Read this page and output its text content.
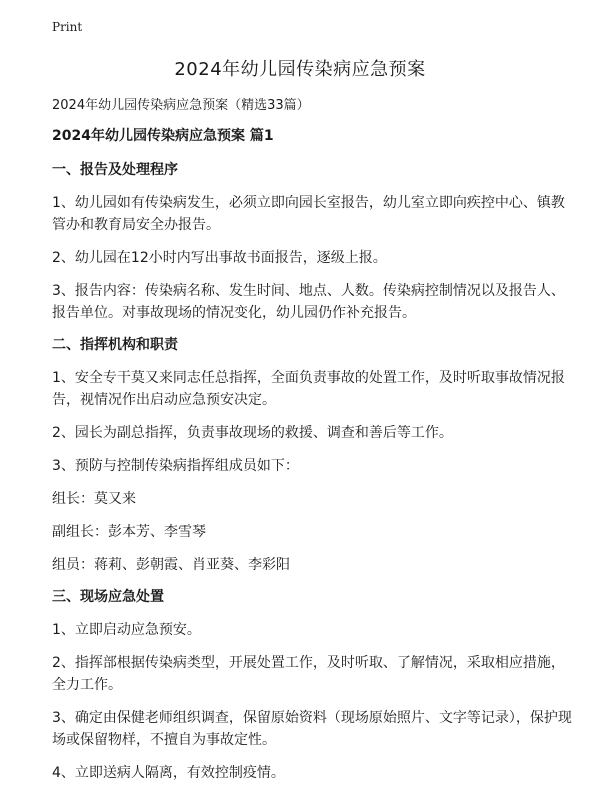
Print
2024年幼儿园传染病应急预案

2024年幼儿园传染病应急预案（精选33篇）

2024年幼儿园传染病应急预案 篇1

一、报告及处理程序

1、幼儿园如有传染病发生，必须立即向园长室报告，幼儿室立即向疾控中心、镇教管办和教育局安全办报告。

2、幼儿园在12小时内写出事故书面报告，逐级上报。

3、报告内容：传染病名称、发生时间、地点、人数。传染病控制情况以及报告人、报告单位。对事故现场的情况变化，幼儿园仍作补充报告。

二、指挥机构和职责

1、安全专干莫又来同志任总指挥，全面负责事故的处置工作，及时听取事故情况报告，视情况作出启动应急预安决定。

2、园长为副总指挥，负责事故现场的救援、调查和善后等工作。

3、预防与控制传染病指挥组成员如下：

组长：莫又来

副组长：彭本芳、李雪琴

组员：蒋莉、彭朝霞、肖亚葵、李彩阳

三、现场应急处置

1、立即启动应急预安。

2、指挥部根据传染病类型，开展处置工作，及时听取、了解情况，采取相应措施，全力工作。

3、确定由保健老师组织调查，保留原始资料（现场原始照片、文字等记录），保护现场或保留物样，不擅自为事故定性。

4、立即送病人隔离，有效控制疫情。
